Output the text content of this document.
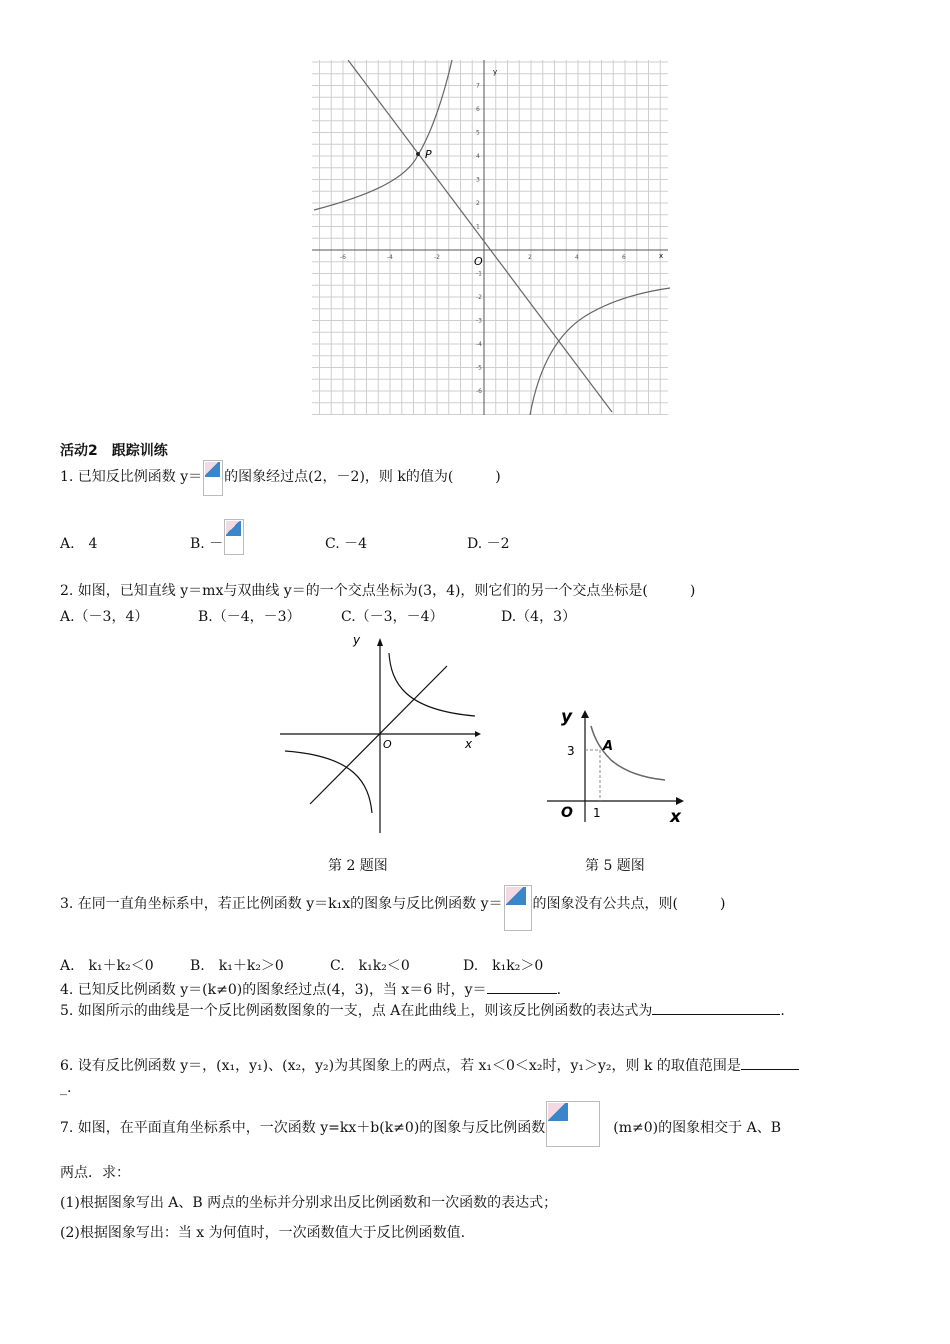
P
O	x
y
-6	-4	-2	2	4	6
7
6
5
4
3
2
1
-1
-2
-3
-4
-5
-6
活动2　跟踪训练
1. 已知反比例函数 y＝ 的图象经过点(2，－2)，则 k的值为(　　　)
A.　4	B. －	C. －4	D. －2
2. 如图，已知直线 y＝mx与双曲线 y＝的一个交点坐标为(3，4)，则它们的另一个交点坐标是(　　　)
A.（－3，4）	B.（－4，－3）	C.（－3，－4）	D.（4，3）
O	x
y
A
3
1
O	x
y
第 2 题图	第 5 题图
3. 在同一直角坐标系中，若正比例函数 y＝k₁x的图象与反比例函数 y＝ 的图象没有公共点，则(　　　)
A.　k₁＋k₂＜0	B.　k₁＋k₂＞0	C.　k₁k₂＜0	D.　k₁k₂＞0
4. 已知反比例函数 y＝(k≠0)的图象经过点(4，3)，当 x＝6 时，y＝	.
5. 如图所示的曲线是一个反比例函数图象的一支，点 A在此曲线上，则该反比例函数的表达式为	.
6. 设有反比例函数 y＝，(x₁，y₁)、(x₂，y₂)为其图象上的两点，若 x₁＜0＜x₂时，y₁＞y₂，则 k 的取值范围是
_.
7. 如图，在平面直角坐标系中，一次函数 y=kx＋b(k≠0)的图象与反比例函数	(m≠0)的图象相交于 A、B
两点．求：
(1)根据图象写出 A、B 两点的坐标并分别求出反比例函数和一次函数的表达式；
(2)根据图象写出：当 x 为何值时，一次函数值大于反比例函数值.
